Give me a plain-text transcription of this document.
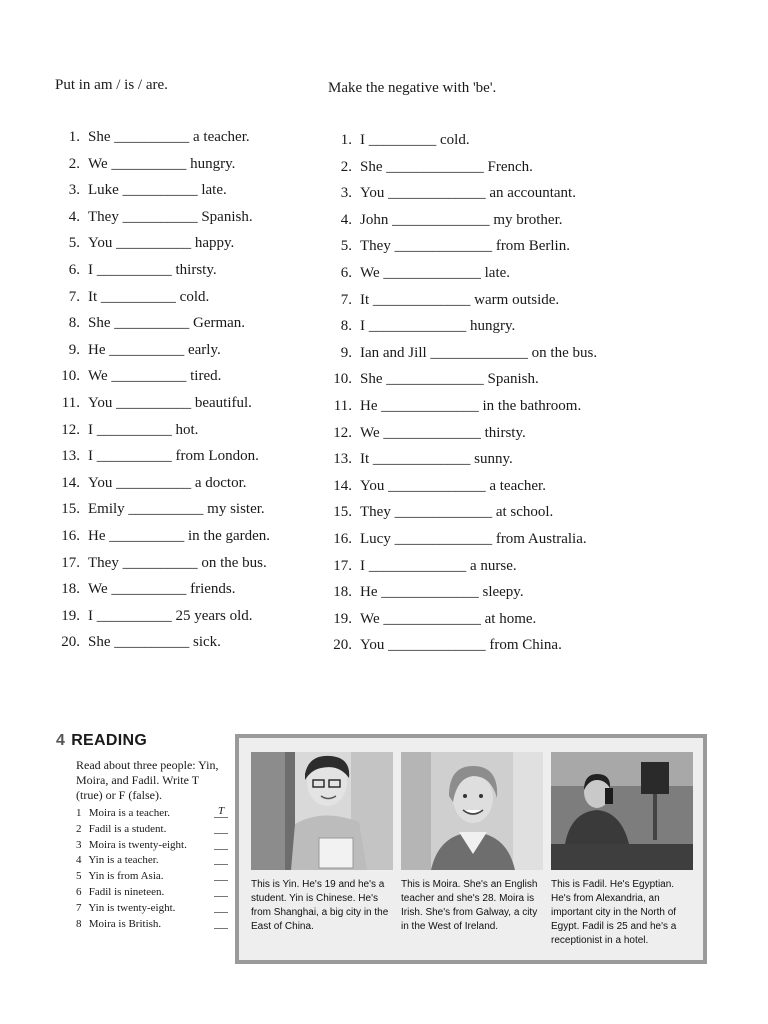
Put in am / is / are.	Make the negative with 'be'.
1. She __________ a teacher.
2. We __________ hungry.
3. Luke __________ late.
4. They __________ Spanish.
5. You __________ happy.
6. I __________ thirsty.
7. It __________ cold.
8. She __________ German.
9. He __________ early.
10. We __________ tired.
11. You __________ beautiful.
12. I __________ hot.
13. I __________ from London.
14. You __________ a doctor.
15. Emily __________ my sister.
16. He __________ in the garden.
17. They __________ on the bus.
18. We __________ friends.
19. I __________ 25 years old.
20. She __________ sick.
1. I _________ cold.
2. She _____________ French.
3. You _____________ an accountant.
4. John _____________ my brother.
5. They _____________ from Berlin.
6. We _____________ late.
7. It _____________ warm outside.
8. I _____________ hungry.
9. Ian and Jill _____________ on the bus.
10. She _____________ Spanish.
11. He _____________ in the bathroom.
12. We _____________ thirsty.
13. It _____________ sunny.
14. You _____________ a teacher.
15. They _____________ at school.
16. Lucy _____________ from Australia.
17. I _____________ a nurse.
18. He _____________ sleepy.
19. We _____________ at home.
20. You _____________ from China.
4 READING
Read about three people: Yin, Moira, and Fadil. Write T (true) or F (false).
1 Moira is a teacher.	T
2 Fadil is a student.
3 Moira is twenty-eight.
4 Yin is a teacher.
5 Yin is from Asia.
6 Fadil is nineteen.
7 Yin is twenty-eight.
8 Moira is British.
This is Yin. He's 19 and he's a student. Yin is Chinese. He's from Shanghai, a big city in the East of China.
This is Moira. She's an English teacher and she's 28. Moira is Irish. She's from Galway, a city in the West of Ireland.
This is Fadil. He's Egyptian. He's from Alexandria, an important city in the North of Egypt. Fadil is 25 and he's a receptionist in a hotel.
